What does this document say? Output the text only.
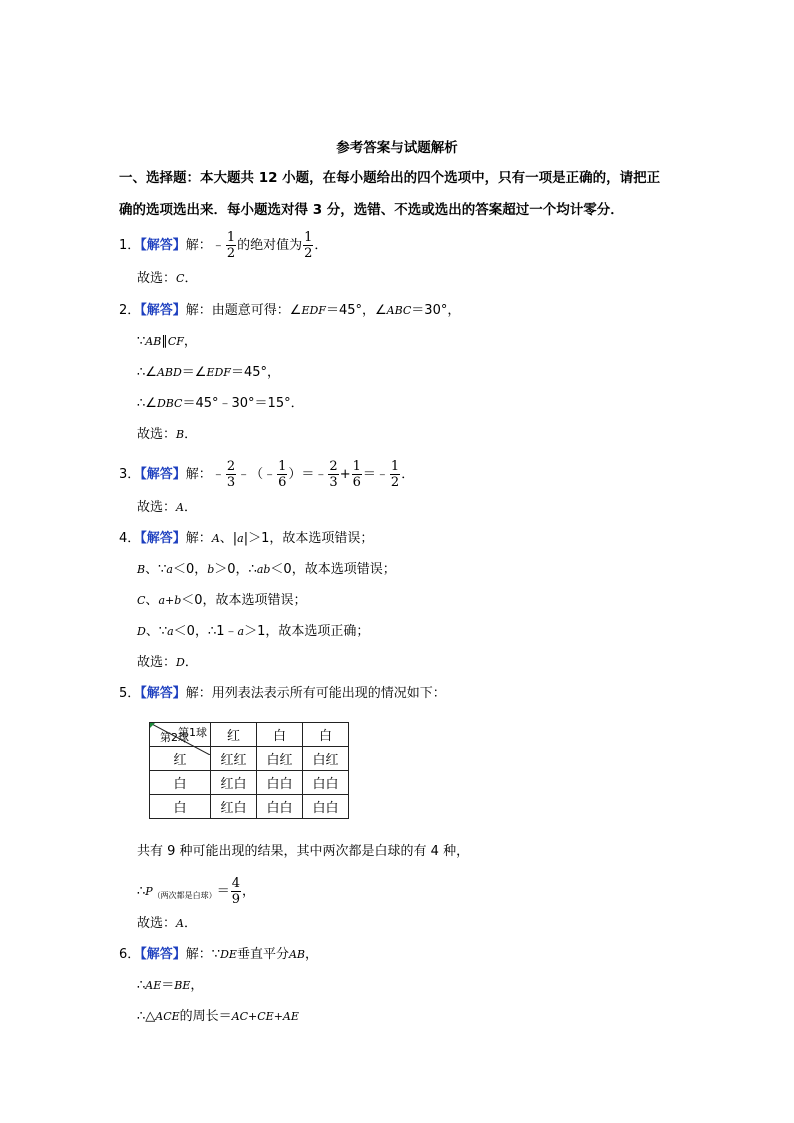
参考答案与试题解析
一、选择题：本大题共 12 小题，在每小题给出的四个选项中，只有一项是正确的，请把正
确的选项选出来．每小题选对得 3 分，选错、不选或选出的答案超过一个均计零分．
1．【解答】解：﹣ $\frac{1}{2}$ 的绝对值为 $\frac{1}{2}$ ．
故选：C．
2．【解答】解：由题意可得：∠EDF＝45°，∠ABC＝30°，
∵AB∥CF，
∴∠ABD＝∠EDF＝45°，
∴∠DBC＝45°﹣30°＝15°．
故选：B．
3．【解答】解：﹣ $\frac{2}{3}$ ﹣（﹣ $\frac{1}{6}$ ）＝﹣ $\frac{2}{3} + \frac{1}{6}$ ＝﹣ $\frac{1}{2}$ ．
故选：A．
4．【解答】解：A、|a|＞1，故本选项错误；
B、∵a＜0，b＞0，∴ab＜0，故本选项错误；
C、a+b＜0，故本选项错误；
D、∵a＜0，∴1﹣a＞1，故本选项正确；
故选：D．
5．【解答】解：用列表法表示所有可能出现的情况如下：
第1球
第2球	红	白	白
红	红红	白红	白红
白	红白	白白	白白
白	红白	白白	白白
共有 9 种可能出现的结果，其中两次都是白球的有 4 种，
$\therefore P_{(两次都是白球)}= \frac{4}{9}$ ，
故选：A．
6．【解答】解：∵DE垂直平分AB，
∴AE＝BE，
∴△ACE的周长＝AC+CE+AE
